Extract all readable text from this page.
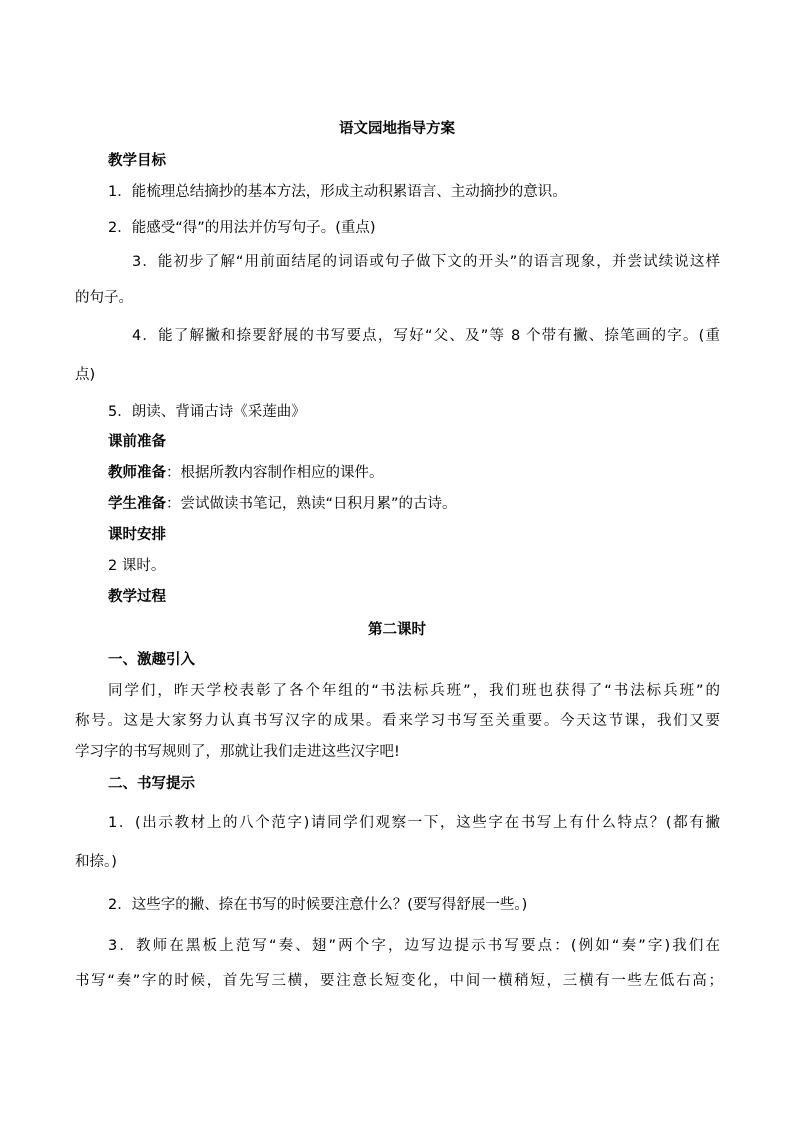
语文园地指导方案
教学目标
1．能梳理总结摘抄的基本方法，形成主动积累语言、主动摘抄的意识。
2．能感受“得”的用法并仿写句子。(重点)
3．能初步了解“用前面结尾的词语或句子做下文的开头”的语言现象，并尝试续说这样
的句子。
4．能了解撇和捺要舒展的书写要点，写好“父、及”等 8 个带有撇、捺笔画的字。(重
点)
5．朗读、背诵古诗《采莲曲》
课前准备
教师准备：根据所教内容制作相应的课件。
学生准备：尝试做读书笔记，熟读“日积月累”的古诗。
课时安排
2 课时。
教学过程
第二课时
一、激趣引入
同学们，昨天学校表彰了各个年组的“书法标兵班”，我们班也获得了“书法标兵班”的
称号。这是大家努力认真书写汉字的成果。看来学习书写至关重要。今天这节课，我们又要
学习字的书写规则了，那就让我们走进这些汉字吧!
二、书写提示
1．(出示教材上的八个范字)请同学们观察一下，这些字在书写上有什么特点？(都有撇
和捺。)
2．这些字的撇、捺在书写的时候要注意什么？(要写得舒展一些。)
3．教师在黑板上范写“奏、翅”两个字，边写边提示书写要点：(例如“奏”字)我们在
书写“奏”字的时候，首先写三横，要注意长短变化，中间一横稍短，三横有一些左低右高；
